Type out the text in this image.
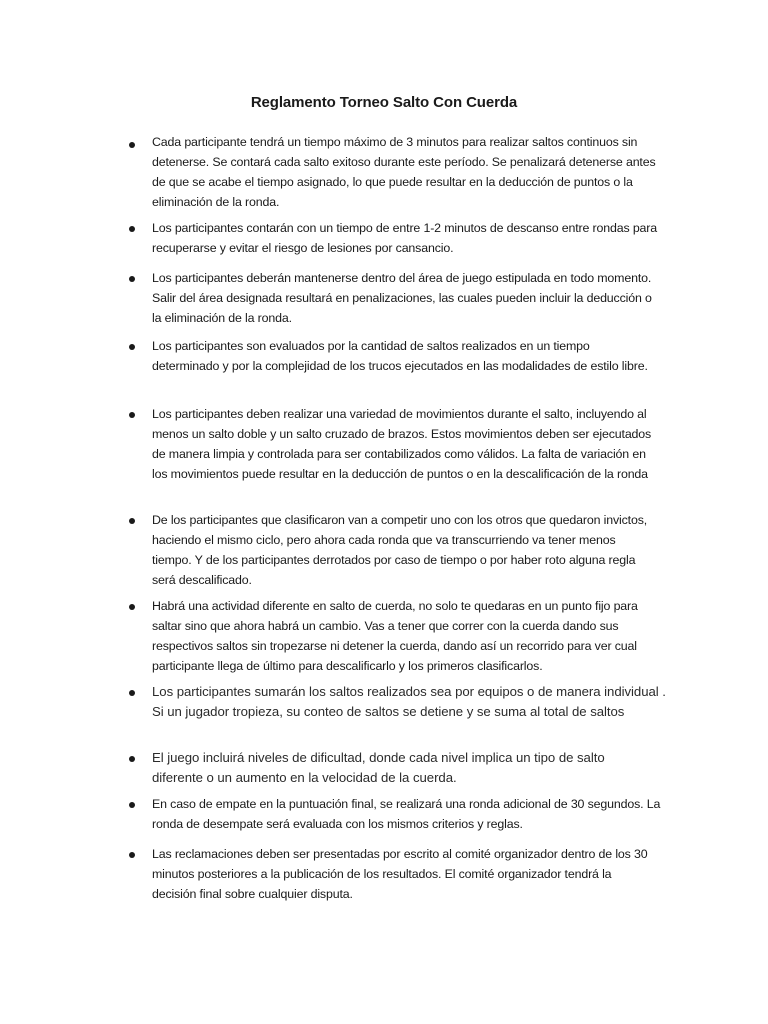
Reglamento Torneo Salto Con Cuerda
Cada participante tendrá un tiempo máximo de 3 minutos para realizar saltos continuos sin detenerse. Se contará cada salto exitoso durante este período. Se penalizará detenerse antes de que se acabe el tiempo asignado, lo que puede resultar en la deducción de puntos o la eliminación de la ronda.
Los participantes contarán con un tiempo de entre 1-2 minutos de descanso entre rondas para recuperarse y evitar el riesgo de lesiones por cansancio.
Los participantes deberán mantenerse dentro del área de juego estipulada en todo momento. Salir del área designada resultará en penalizaciones, las cuales pueden incluir la deducción o la eliminación de la ronda.
Los participantes son evaluados por la cantidad de saltos realizados en un tiempo determinado y por la complejidad de los trucos ejecutados en las modalidades de estilo libre.
Los participantes deben realizar una variedad de movimientos durante el salto, incluyendo al menos un salto doble y un salto cruzado de brazos. Estos movimientos deben ser ejecutados de manera limpia y controlada para ser contabilizados como válidos. La falta de variación en los movimientos puede resultar en la deducción de puntos o en la descalificación de la ronda
De los participantes que clasificaron van a competir uno con los otros que quedaron invictos, haciendo el mismo ciclo, pero ahora cada ronda que va transcurriendo va tener menos tiempo. Y de los participantes derrotados por caso de tiempo o por haber roto alguna regla será descalificado.
Habrá una actividad diferente en salto de cuerda, no solo te quedaras en un punto fijo para saltar sino que ahora habrá un cambio. Vas a tener que correr con la cuerda dando sus respectivos saltos sin tropezarse ni detener la cuerda, dando así un recorrido para ver cual participante llega de último para descalificarlo y los primeros clasificarlos.
Los participantes sumarán los saltos realizados sea por equipos o de manera individual . Si un jugador tropieza, su conteo de saltos se detiene y se suma al total de saltos
El juego incluirá niveles de dificultad, donde cada nivel implica un tipo de salto diferente o un aumento en la velocidad de la cuerda.
En caso de empate en la puntuación final, se realizará una ronda adicional de 30 segundos. La ronda de desempate será evaluada con los mismos criterios y reglas.
Las reclamaciones deben ser presentadas por escrito al comité organizador dentro de los 30 minutos posteriores a la publicación de los resultados. El comité organizador tendrá la decisión final sobre cualquier disputa.
